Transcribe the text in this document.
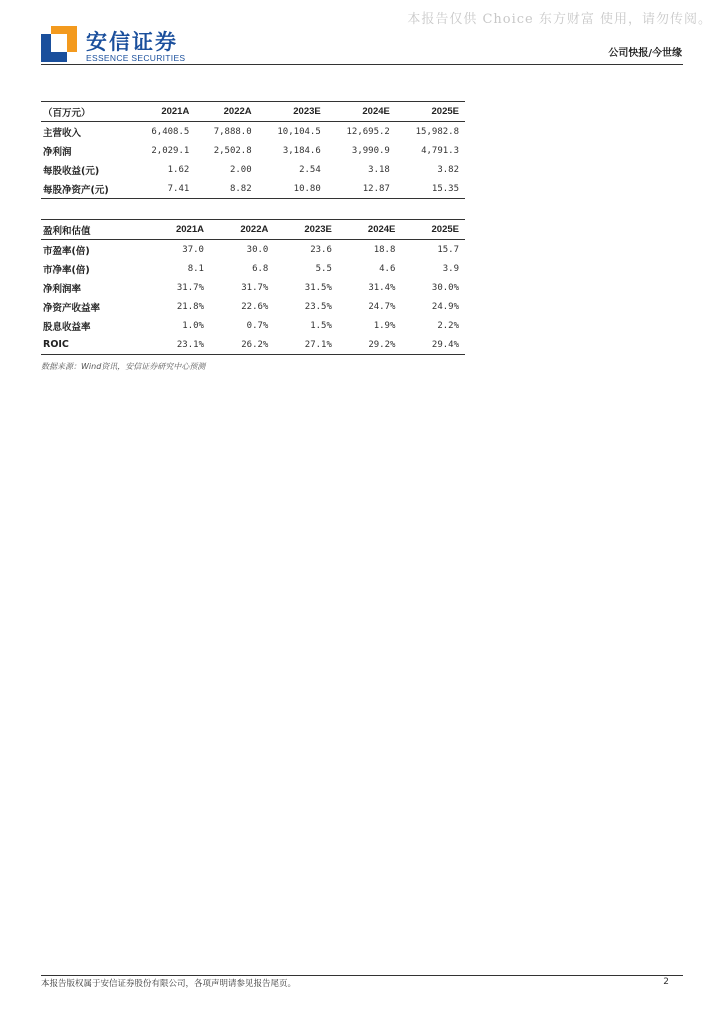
本报告仅供 Choice 东方财富 使用，请勿传阅。
安信证券
ESSENCE SECURITIES	公司快报/今世缘
（百万元）	2021A	2022A	2023E	2024E	2025E
主营收入	6,408.5	7,888.0	10,104.5	12,695.2	15,982.8
净利润	2,029.1	2,502.8	3,184.6	3,990.9	4,791.3
每股收益(元)	1.62	2.00	2.54	3.18	3.82
每股净资产(元)	7.41	8.82	10.80	12.87	15.35
盈利和估值	2021A	2022A	2023E	2024E	2025E
市盈率(倍)	37.0	30.0	23.6	18.8	15.7
市净率(倍)	8.1	6.8	5.5	4.6	3.9
净利润率	31.7%	31.7%	31.5%	31.4%	30.0%
净资产收益率	21.8%	22.6%	23.5%	24.7%	24.9%
股息收益率	1.0%	0.7%	1.5%	1.9%	2.2%
ROIC	23.1%	26.2%	27.1%	29.2%	29.4%
数据来源：Wind资讯，安信证券研究中心预测
本报告版权属于安信证券股份有限公司，各项声明请参见报告尾页。	2
